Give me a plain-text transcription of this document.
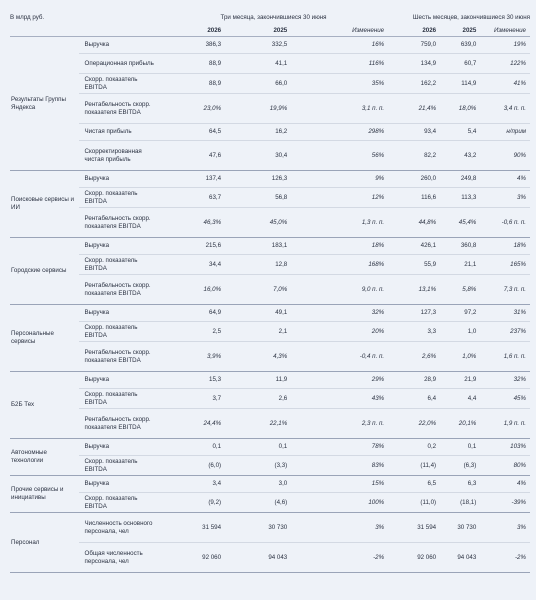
В млрд руб.		Три месяца, закончившиеся 30 июня			Шесть месяцев, закончившиеся 30 июня		
		2026	2025	Изменение	2026	2025	Изменение
Результаты Группы Яндекса	Выручка	386,3	332,5	16%	759,0	639,0	19%
	Операционная прибыль	88,9	41,1	116%	134,9	60,7	122%
	Скорр. показатель EBITDA	88,9	66,0	35%	162,2	114,9	41%
	Рентабельность скорр. показателя EBITDA	23,0%	19,9%	3,1 п. п.	21,4%	18,0%	3,4 п. п.
	Чистая прибыль	64,5	16,2	298%	93,4	5,4	н/прим
	Скорректированная чистая прибыль	47,6	30,4	56%	82,2	43,2	90%
Поисковые сервисы и ИИ	Выручка	137,4	126,3	9%	260,0	249,8	4%
	Скорр. показатель EBITDA	63,7	56,8	12%	116,6	113,3	3%
	Рентабельность скорр. показателя EBITDA	46,3%	45,0%	1,3 п. п.	44,8%	45,4%	-0,6 п. п.
Городские сервисы	Выручка	215,6	183,1	18%	426,1	360,8	18%
	Скорр. показатель EBITDA	34,4	12,8	168%	55,9	21,1	165%
	Рентабельность скорр. показателя EBITDA	16,0%	7,0%	9,0 п. п.	13,1%	5,8%	7,3 п. п.
Персональные сервисы	Выручка	64,9	49,1	32%	127,3	97,2	31%
	Скорр. показатель EBITDA	2,5	2,1	20%	3,3	1,0	237%
	Рентабельность скорр. показателя EBITDA	3,9%	4,3%	-0,4 п. п.	2,6%	1,0%	1,6 п. п.
Б2Б Тех	Выручка	15,3	11,9	29%	28,9	21,9	32%
	Скорр. показатель EBITDA	3,7	2,6	43%	6,4	4,4	45%
	Рентабельность скорр. показателя EBITDA	24,4%	22,1%	2,3 п. п.	22,0%	20,1%	1,9 п. п.
Автономные технологии	Выручка	0,1	0,1	78%	0,2	0,1	103%
	Скорр. показатель EBITDA	(6,0)	(3,3)	83%	(11,4)	(6,3)	80%
Прочие сервисы и инициативы	Выручка	3,4	3,0	15%	6,5	6,3	4%
	Скорр. показатель EBITDA	(9,2)	(4,6)	100%	(11,0)	(18,1)	-39%
Персонал	Численность основного персонала, чел	31 594	30 730	3%	31 594	30 730	3%
	Общая численность персонала, чел	92 060	94 043	-2%	92 060	94 043	-2%
